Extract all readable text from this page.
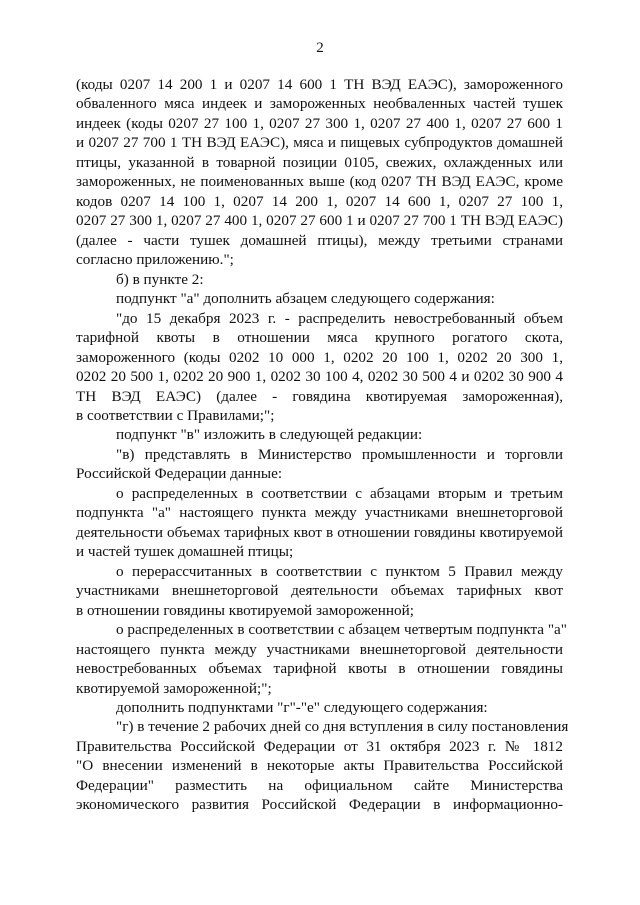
2
(коды 0207 14 200 1 и 0207 14 600 1 ТН ВЭД ЕАЭС), замороженного
обваленного мяса индеек и замороженных необваленных частей тушек
индеек (коды 0207 27 100 1, 0207 27 300 1, 0207 27 400 1, 0207 27 600 1
и 0207 27 700 1 ТН ВЭД ЕАЭС), мяса и пищевых субпродуктов домашней
птицы, указанной в товарной позиции 0105, свежих, охлажденных или
замороженных, не поименованных выше (код 0207 ТН ВЭД ЕАЭС, кроме
кодов 0207 14 100 1, 0207 14 200 1, 0207 14 600 1, 0207 27 100 1,
0207 27 300 1, 0207 27 400 1, 0207 27 600 1 и 0207 27 700 1 ТН ВЭД ЕАЭС)
(далее - части тушек домашней птицы), между третьими странами
согласно приложению.";
б) в пункте 2:
подпункт "а" дополнить абзацем следующего содержания:
"до 15 декабря 2023 г. - распределить невостребованный объем
тарифной квоты в отношении мяса крупного рогатого скота,
замороженного (коды 0202 10 000 1, 0202 20 100 1, 0202 20 300 1,
0202 20 500 1, 0202 20 900 1, 0202 30 100 4, 0202 30 500 4 и 0202 30 900 4
ТН ВЭД ЕАЭС) (далее - говядина квотируемая замороженная),
в соответствии с Правилами;";
подпункт "в" изложить в следующей редакции:
"в) представлять в Министерство промышленности и торговли
Российской Федерации данные:
о распределенных в соответствии с абзацами вторым и третьим
подпункта "а" настоящего пункта между участниками внешнеторговой
деятельности объемах тарифных квот в отношении говядины квотируемой
и частей тушек домашней птицы;
о перерассчитанных в соответствии с пунктом 5 Правил между
участниками внешнеторговой деятельности объемах тарифных квот
в отношении говядины квотируемой замороженной;
о распределенных в соответствии с абзацем четвертым подпункта "а"
настоящего пункта между участниками внешнеторговой деятельности
невостребованных объемах тарифной квоты в отношении говядины
квотируемой замороженной;";
дополнить подпунктами "г"-"е" следующего содержания:
"г) в течение 2 рабочих дней со дня вступления в силу постановления
Правительства Российской Федерации от 31 октября 2023 г. № 1812
"О внесении изменений в некоторые акты Правительства Российской
Федерации" разместить на официальном сайте Министерства
экономического развития Российской Федерации в информационно-
